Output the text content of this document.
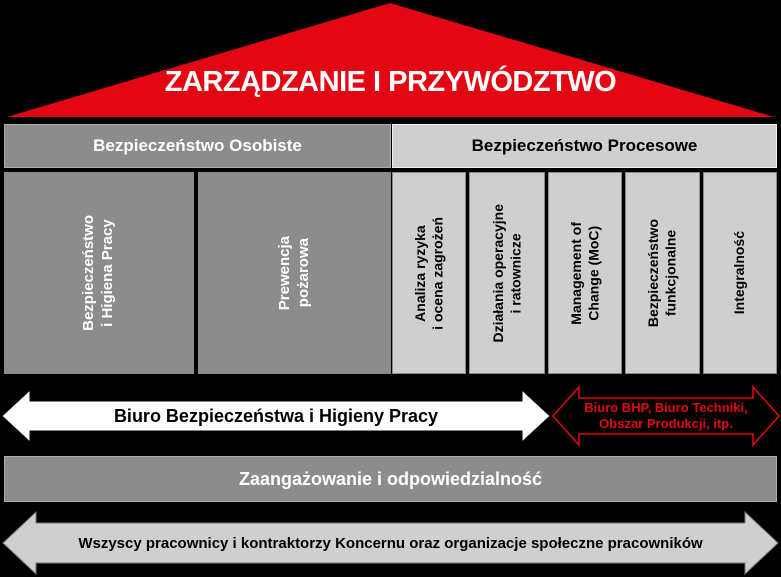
ZARZĄDZANIE I PRZYWÓDZTWO
Bezpieczeństwo Osobiste	Bezpieczeństwo Procesowe
Bezpieczeństwo i Higiena Pracy	Prewencja pożarowa	Analiza ryzyka i ocena zagrożeń	Działania operacyjne i ratownicze	Management of Change (MoC)	Bezpieczeństwo funkcjonalne	Integralność
Biuro Bezpieczeństwa i Higieny Pracy	Biuro BHP, Biuro Techniki,
Obszar Produkcji, itp.
Zaangażowanie i odpowiedzialność
Wszyscy pracownicy i kontraktorzy Koncernu oraz organizacje społeczne pracowników
